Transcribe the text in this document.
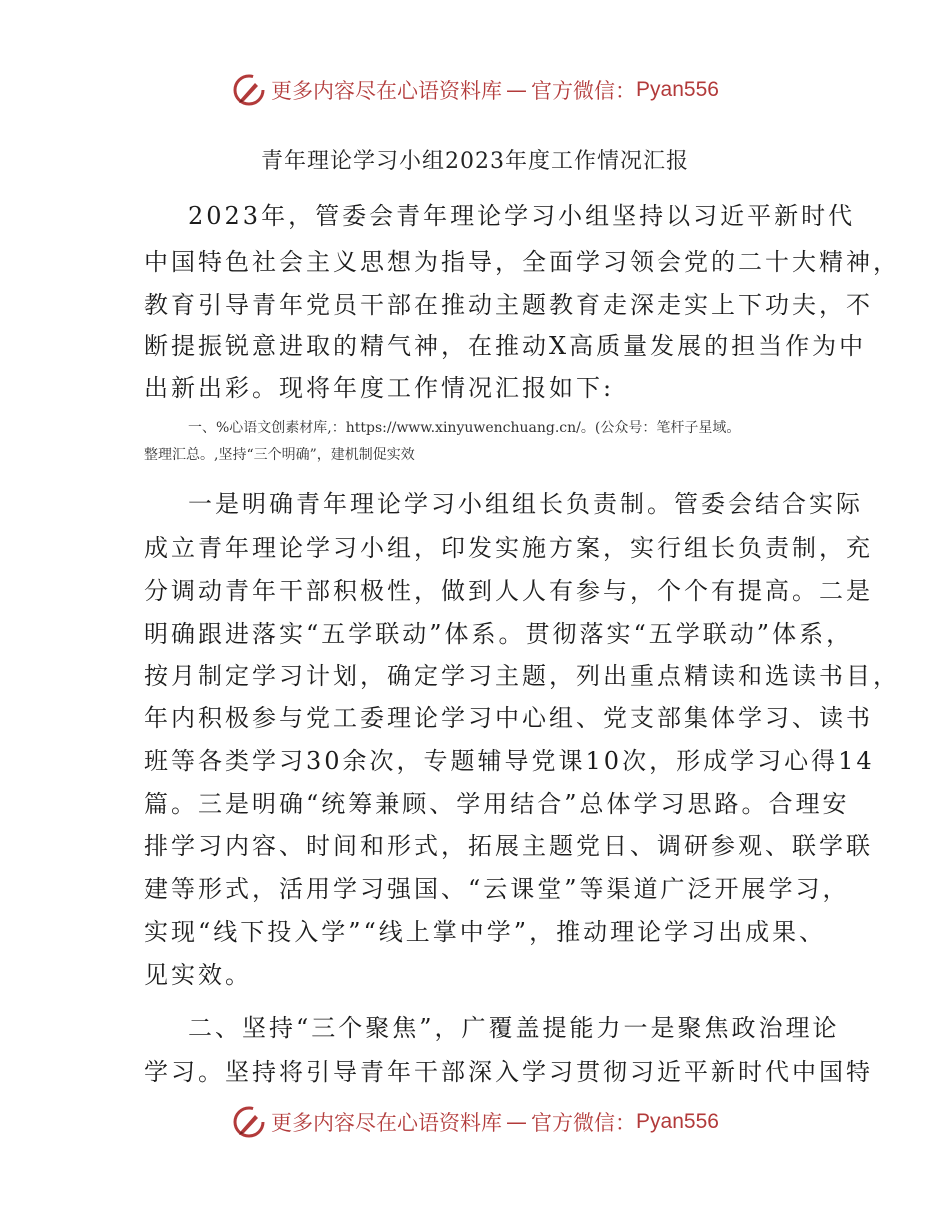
更多内容尽在心语资料库 — 官方微信： Pyan556
青年理论学习小组2023年度工作情况汇报
2023年，管委会青年理论学习小组坚持以习近平新时代
中国特色社会主义思想为指导，全面学习领会党的二十大精神，
教育引导青年党员干部在推动主题教育走深走实上下功夫，不
断提振锐意进取的精气神，在推动X高质量发展的担当作为中
出新出彩。现将年度工作情况汇报如下:
一、%心语文创素材库,：https://www.xinyuwenchuang.cn/。(公众号：笔杆子星域。
整理汇总。,坚持“三个明确”，建机制促实效
一是明确青年理论学习小组组长负责制。管委会结合实际
成立青年理论学习小组，印发实施方案，实行组长负责制，充
分调动青年干部积极性，做到人人有参与，个个有提高。二是
明确跟进落实“五学联动”体系。贯彻落实“五学联动”体系，
按月制定学习计划，确定学习主题，列出重点精读和选读书目，
年内积极参与党工委理论学习中心组、党支部集体学习、读书
班等各类学习30余次，专题辅导党课10次，形成学习心得14
篇。三是明确“统筹兼顾、学用结合”总体学习思路。合理安
排学习内容、时间和形式，拓展主题党日、调研参观、联学联
建等形式，活用学习强国、“云课堂”等渠道广泛开展学习，
实现“线下投入学”“线上掌中学”，推动理论学习出成果、
见实效。
二、坚持“三个聚焦”，广覆盖提能力一是聚焦政治理论
学习。坚持将引导青年干部深入学习贯彻习近平新时代中国特
更多内容尽在心语资料库 — 官方微信： Pyan556
